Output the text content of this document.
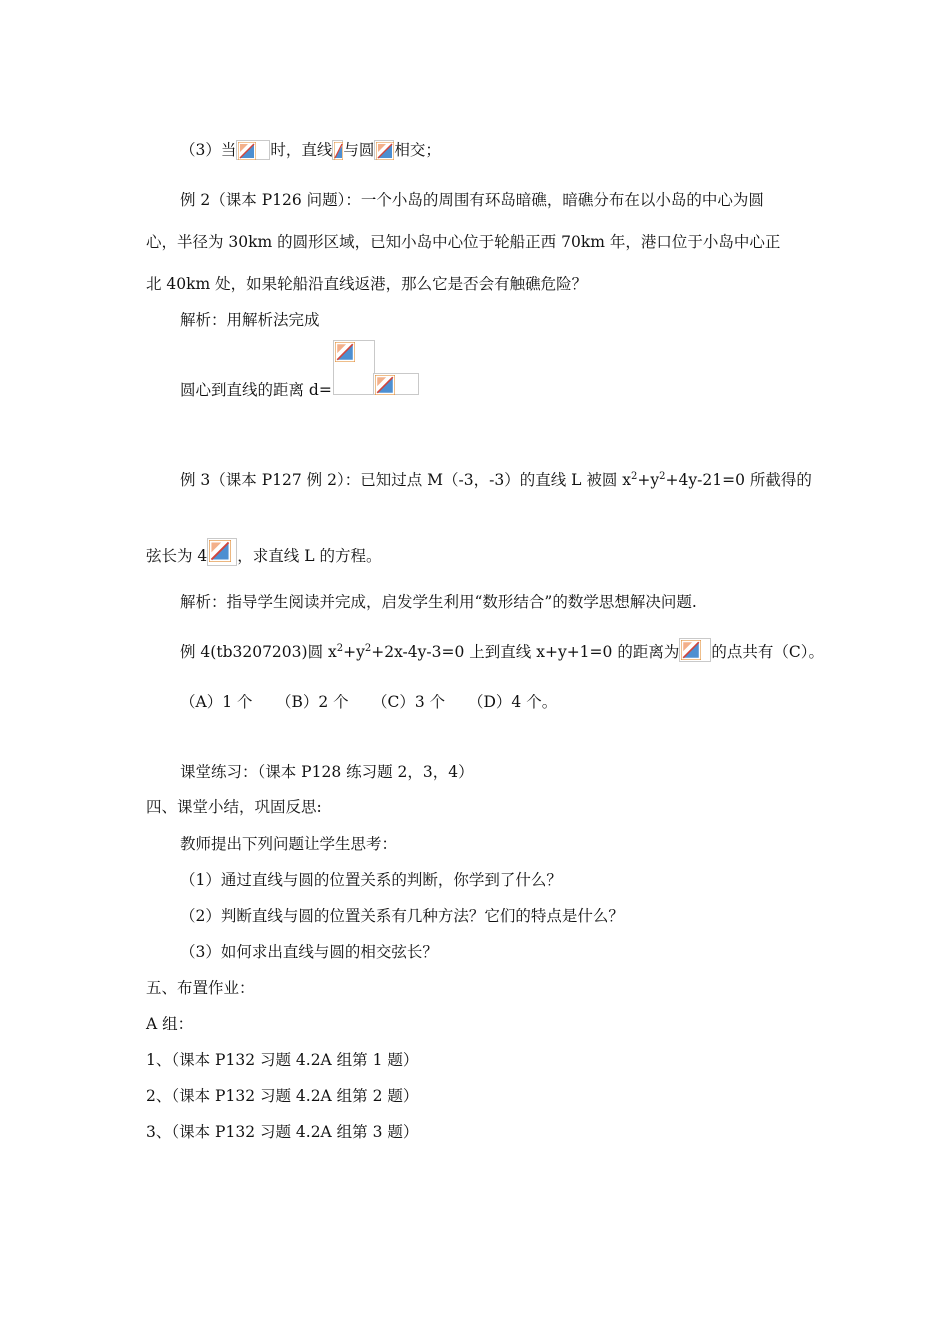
（3）当 时，直线 与圆 相交；
例 2（课本 P126 问题）：一个小岛的周围有环岛暗礁，暗礁分布在以小岛的中心为圆
心，半径为 30km 的圆形区域，已知小岛中心位于轮船正西 70km 年，港口位于小岛中心正
北 40km 处，如果轮船沿直线返港，那么它是否会有触礁危险？
解析：用解析法完成
圆心到直线的距离 d=
例 3（课本 P127 例 2）：已知过点 M（-3，-3）的直线 L 被圆 $x^2+y^2+4y-21=0$ 所截得的
弦长为 4 ，求直线 L 的方程。
解析：指导学生阅读并完成，启发学生利用“数形结合”的数学思想解决问题.
例 4(tb3207203)圆 $x^2+y^2+2x-4y-3=0$ 上到直线 x+y+1=0 的距离为 的点共有（C）。
（A）1 个 （B）2 个 （C）3 个 （D）4 个。
课堂练习：（课本 P128 练习题 2，3，4）
四、课堂小结，巩固反思:
教师提出下列问题让学生思考：
（1）通过直线与圆的位置关系的判断，你学到了什么？
（2）判断直线与圆的位置关系有几种方法？它们的特点是什么？
（3）如何求出直线与圆的相交弦长？
五、布置作业：
A 组：
1、（课本 P132 习题 4.2A 组第 1 题）
2、（课本 P132 习题 4.2A 组第 2 题）
3、（课本 P132 习题 4.2A 组第 3 题）
